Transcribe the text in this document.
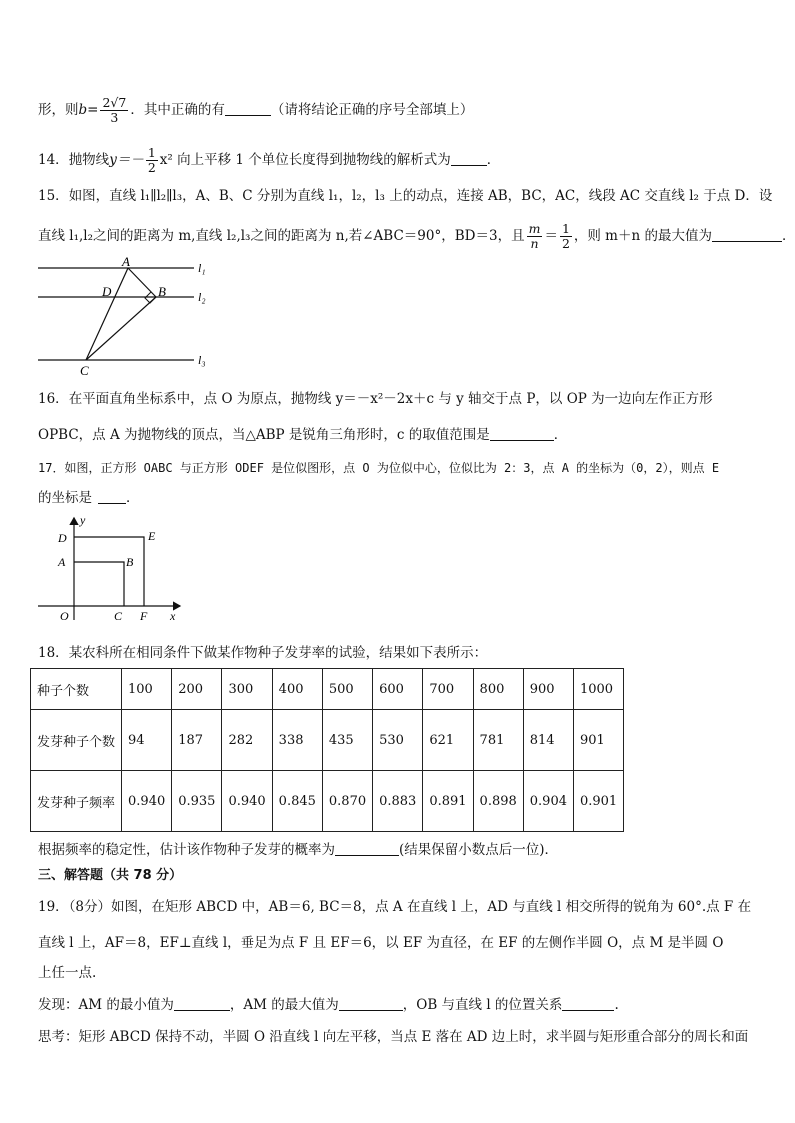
形，则$b= \frac{2√7}{3}$ ．其中正确的有	（请将结论正确的序号全部填上）
14．抛物线$y=- \frac{1}{2} x^2$ 向上平移 1 个单位长度得到抛物线的解析式为	．
15．如图，直线 l₁∥l₂∥l₃，A、B、C 分别为直线 l₁，l₂，l₃ 上的动点，连接 AB，BC，AC，线段 AC 交直线 l₂ 于点 D．设
直线 l₁,l₂之间的距离为 m,直线 l₂,l₃之间的距离为 n,若∠ABC＝90°，BD＝3，且 $\frac{m}{n} = \frac{1}{2}$ ，则 m＋n 的最大值为	．
A
D	B
C
l₁
l₂
l₃
16．在平面直角坐标系中，点 O 为原点，抛物线 y＝－x²－2x＋c 与 y 轴交于点 P，以 OP 为一边向左作正方形
OPBC，点 A 为抛物线的顶点，当△ABP 是锐角三角形时，c 的取值范围是	．
17．如图，正方形 OABC 与正方形 ODEF 是位似图形，点 O 为位似中心，位似比为 2：3，点 A 的坐标为（0，2），则点 E
的坐标是	．
y
D	E
A	B
O	C F x
18．某农科所在相同条件下做某作物种子发芽率的试验，结果如下表所示：
种子个数	100	200	300	400	500	600	700	800	900	1000
发芽种子个数	94	187	282	338	435	530	621	781	814	901
发芽种子频率	0.940	0.935	0.940	0.845	0.870	0.883	0.891	0.898	0.904	0.901
根据频率的稳定性，估计该作物种子发芽的概率为	(结果保留小数点后一位)．
三、解答题（共 78 分）
19．（8分）如图，在矩形 ABCD 中，AB＝6, BC＝8，点 A 在直线 l 上，AD 与直线 l 相交所得的锐角为 60°.点 F 在
直线 l 上，AF＝8，EF⊥直线 l，垂足为点 F 且 EF＝6，以 EF 为直径，在 EF 的左侧作半圆 O，点 M 是半圆 O
上任一点.
发现：AM 的最小值为	，AM 的最大值为	，OB 与直线 l 的位置关系	.
思考：矩形 ABCD 保持不动，半圆 O 沿直线 l 向左平移，当点 E 落在 AD 边上时，求半圆与矩形重合部分的周长和面
